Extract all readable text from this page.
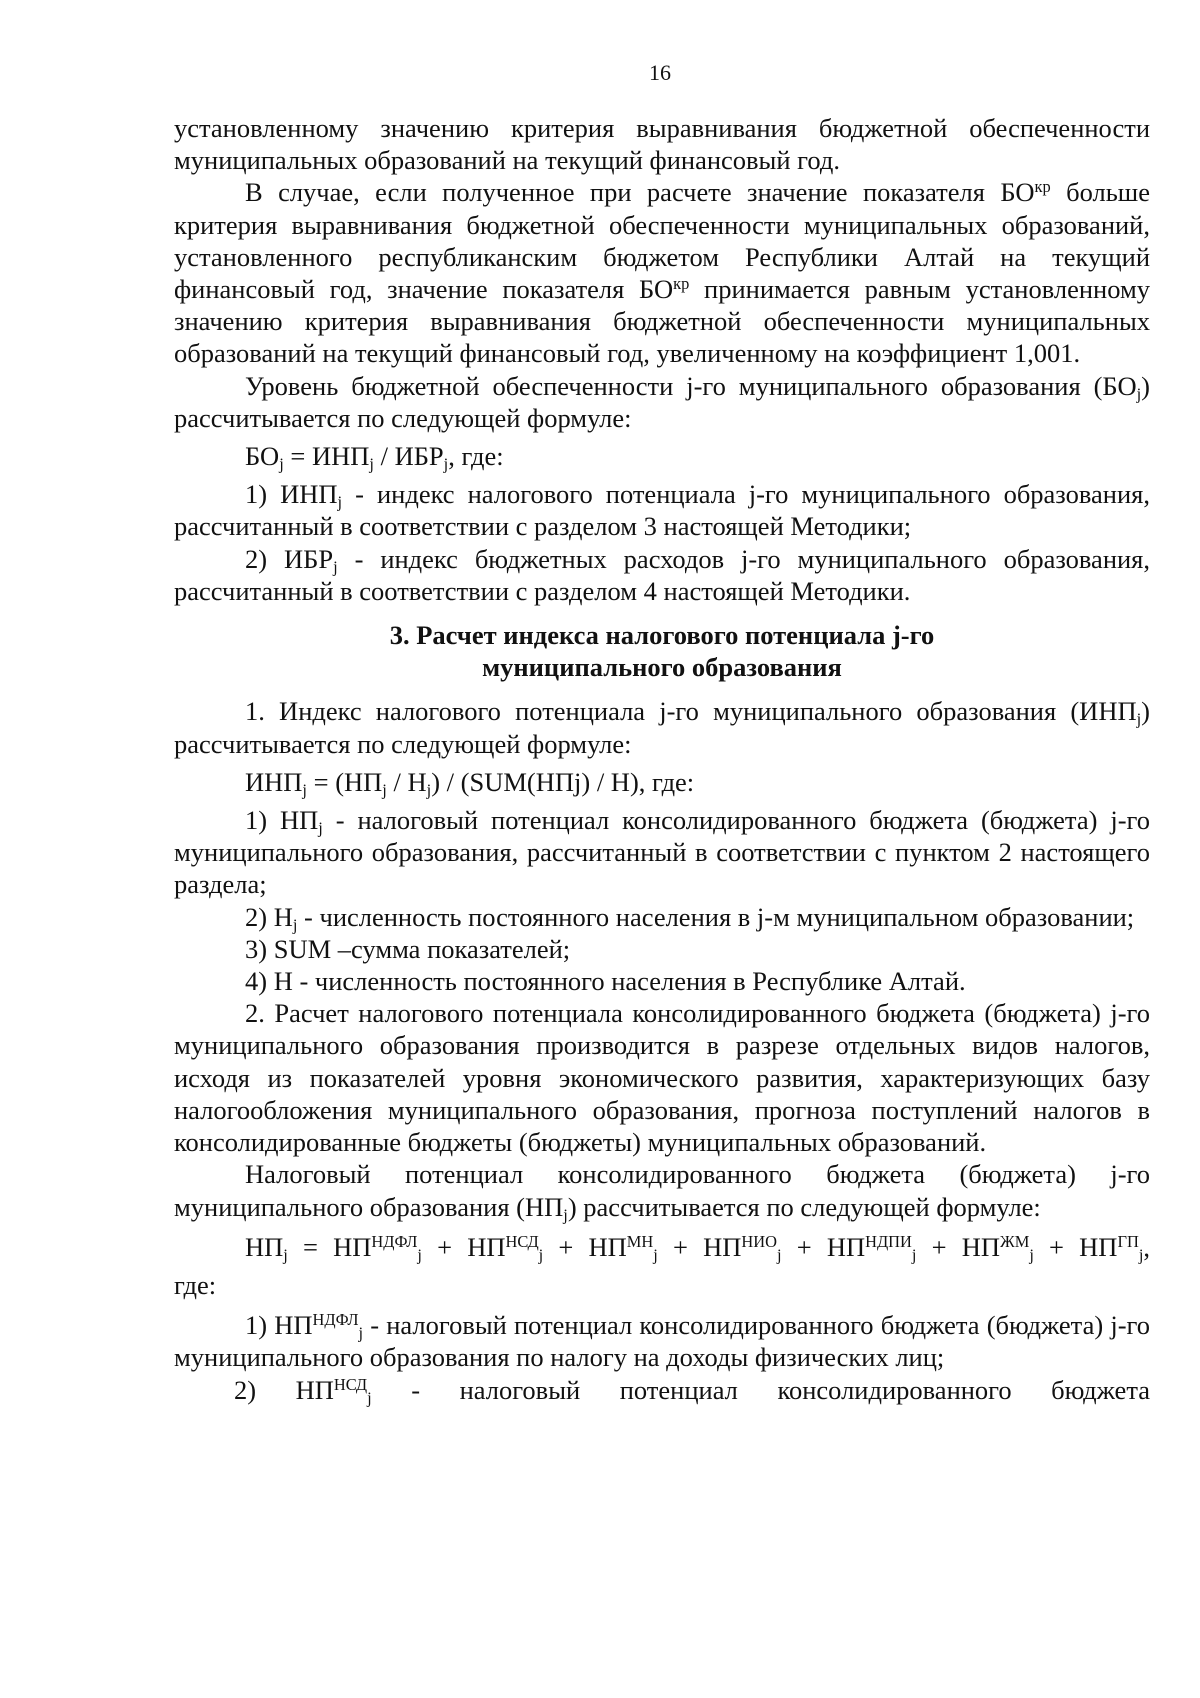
16

установленному значению критерия выравнивания бюджетной обеспеченности муниципальных образований на текущий финансовый год.

В случае, если полученное при расчете значение показателя $БО^{кр}$ больше критерия выравнивания бюджетной обеспеченности муниципальных образований, установленного республиканским бюджетом Республики Алтай на текущий финансовый год, значение показателя $БО^{кр}$ принимается равным установленному значению критерия выравнивания бюджетной обеспеченности муниципальных образований на текущий финансовый год, увеличенному на коэффициент 1,001.

Уровень бюджетной обеспеченности j-го муниципального образования $(БО_j)$ рассчитывается по следующей формуле:

$БО_j = ИНП_j / ИБР_j$, где:

1) $ИНП_j$ - индекс налогового потенциала j-го муниципального образования, рассчитанный в соответствии с разделом 3 настоящей Методики;

2) $ИБР_j$ - индекс бюджетных расходов j-го муниципального образования, рассчитанный в соответствии с разделом 4 настоящей Методики.

3. Расчет индекса налогового потенциала j-го
муниципального образования

1. Индекс налогового потенциала j-го муниципального образования $(ИНП_j)$ рассчитывается по следующей формуле:

$ИНП_j = (НП_j / Н_j) / (SUM(НПj) / Н)$, где:

1) $НП_j$ - налоговый потенциал консолидированного бюджета (бюджета) j-го муниципального образования, рассчитанный в соответствии с пунктом 2 настоящего раздела;

2) $Н_j$ - численность постоянного населения в j-м муниципальном образовании;

3) SUM –сумма показателей;

4) Н - численность постоянного населения в Республике Алтай.

2. Расчет налогового потенциала консолидированного бюджета (бюджета) j-го муниципального образования производится в разрезе отдельных видов налогов, исходя из показателей уровня экономического развития, характеризующих базу налогообложения муниципального образования, прогноза поступлений налогов в консолидированные бюджеты (бюджеты) муниципальных образований.

Налоговый потенциал консолидированного бюджета (бюджета) j-го муниципального образования $(НП_j)$ рассчитывается по следующей формуле:

$НП_j = НП^{НДФЛ}_j + НП^{НСД}_j + НП^{МН}_j + НП^{НИО}_j + НП^{НДПИ}_j + НП^{ЖМ}_j + НП^{ГП}_j$,

где:

1) $НП^{НДФЛ}_j$ - налоговый потенциал консолидированного бюджета (бюджета) j-го муниципального образования по налогу на доходы физических лиц;

2) $НП^{НСД}_j$ - налоговый потенциал консолидированного бюджета
